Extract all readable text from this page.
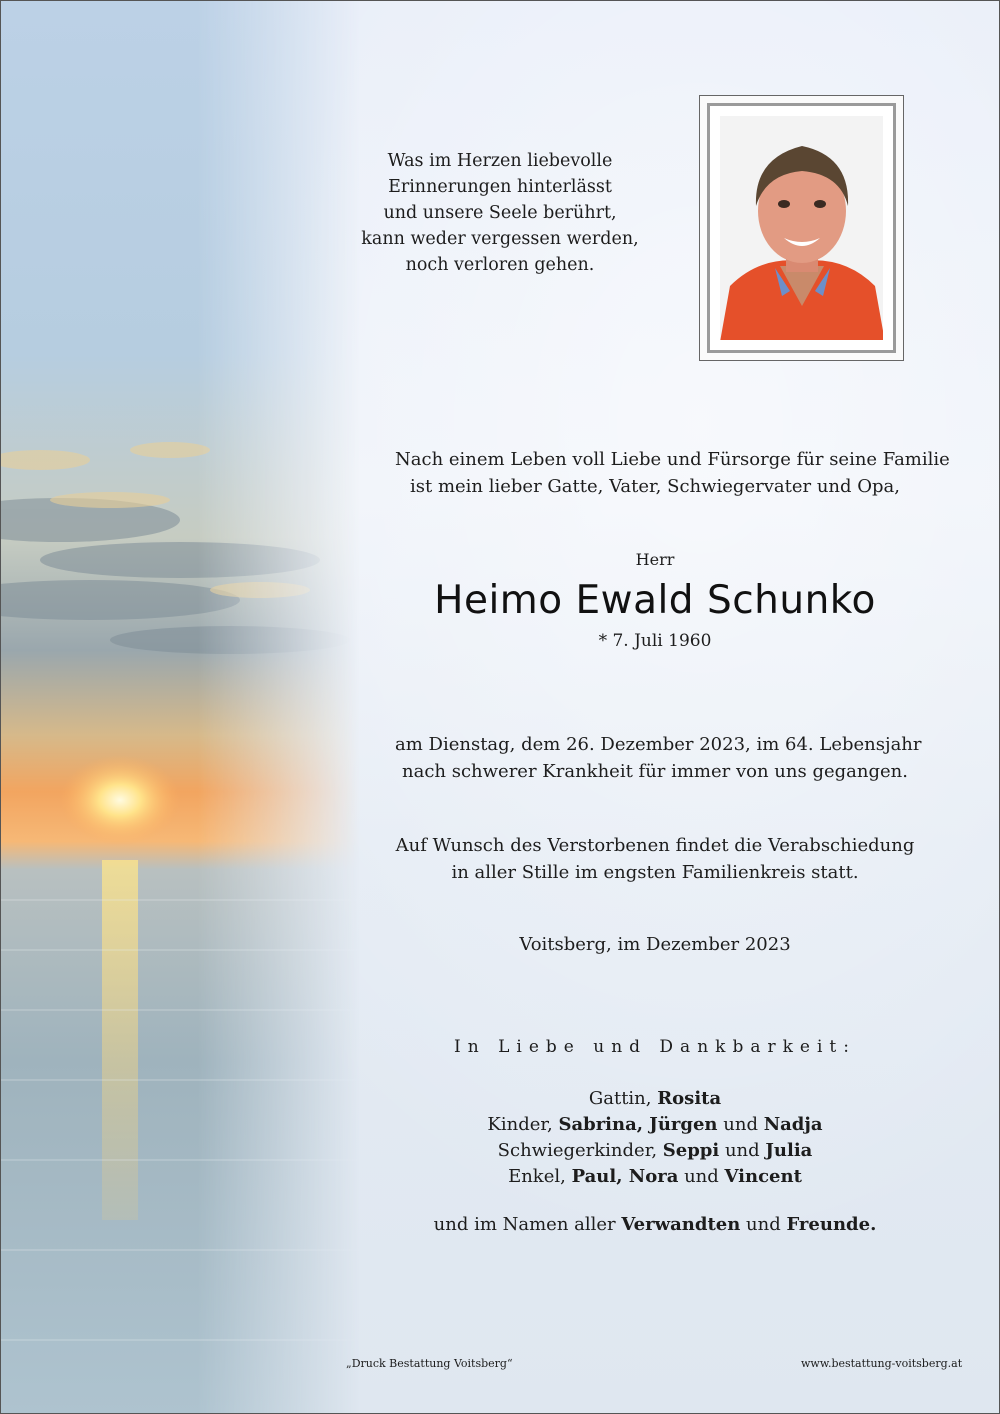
Was im Herzen liebevolle
Erinnerungen hinterlässt
und unsere Seele berührt,
kann weder vergessen werden,
noch verloren gehen.
Nach einem Leben voll Liebe und Fürsorge für seine Familie
ist mein lieber Gatte, Vater, Schwiegervater und Opa,
Herr
Heimo Ewald Schunko
* 7. Juli 1960
am Dienstag, dem 26. Dezember 2023, im 64. Lebensjahr
nach schwerer Krankheit für immer von uns gegangen.
Auf Wunsch des Verstorbenen findet die Verabschiedung
in aller Stille im engsten Familienkreis statt.
Voitsberg, im Dezember 2023
In Liebe und Dankbarkeit:
Gattin, Rosita
Kinder, Sabrina, Jürgen und Nadja
Schwiegerkinder, Seppi und Julia
Enkel, Paul, Nora und Vincent
und im Namen aller Verwandten und Freunde.
„Druck Bestattung Voitsberg“	www.bestattung-voitsberg.at
